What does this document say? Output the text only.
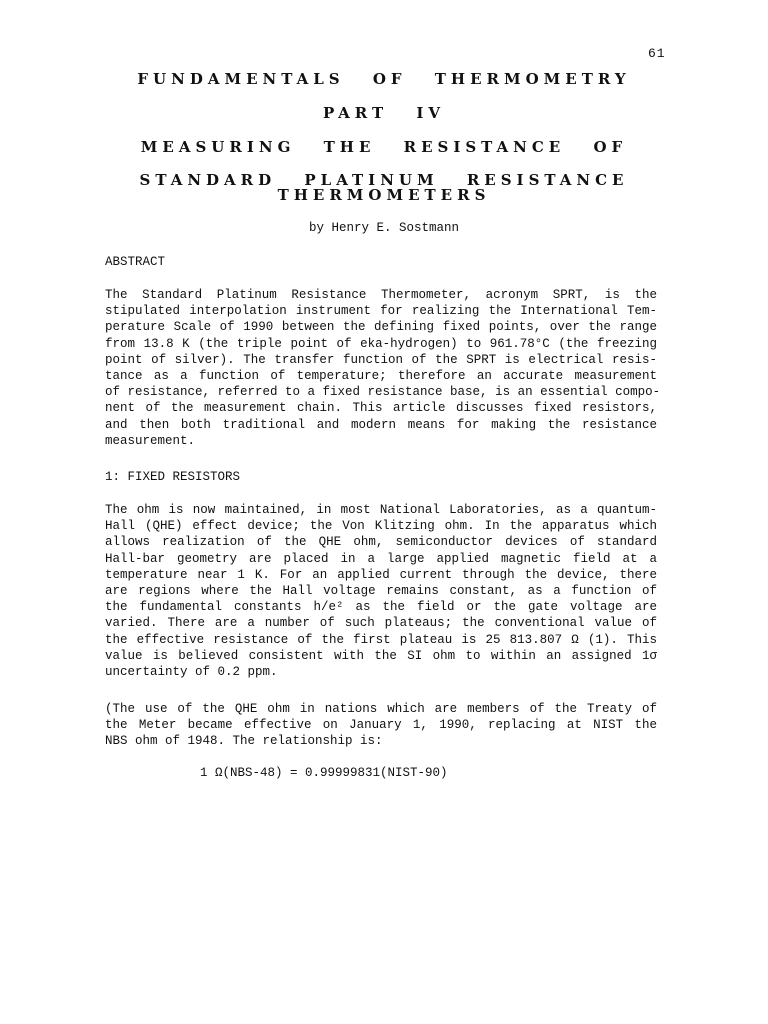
61
FUNDAMENTALS OF THERMOMETRY
PART IV
MEASURING THE RESISTANCE OF
STANDARD PLATINUM RESISTANCE
THERMOMETERS
by Henry E. Sostmann
ABSTRACT
The Standard Platinum Resistance Thermometer, acronym SPRT, is the
stipulated interpolation instrument for realizing the International Tem-
perature Scale of 1990 between the defining fixed points, over the range
from 13.8 K (the triple point of eka-hydrogen) to 961.78°C (the freezing
point of silver). The transfer function of the SPRT is electrical resis-
tance as a function of temperature; therefore an accurate measurement
of resistance, referred to a fixed resistance base, is an essential compo-
nent of the measurement chain. This article discusses fixed resistors,
and then both traditional and modern means for making the resistance
measurement.
1: FIXED RESISTORS
The ohm is now maintained, in most National Laboratories, as a quantum-
Hall (QHE) effect device; the Von Klitzing ohm. In the apparatus which
allows realization of the QHE ohm, semiconductor devices of standard
Hall-bar geometry are placed in a large applied magnetic field at a
temperature near 1 K. For an applied current through the device, there
are regions where the Hall voltage remains constant, as a function of
the fundamental constants h/e² as the field or the gate voltage are
varied. There are a number of such plateaus; the conventional value of
the effective resistance of the first plateau is 25 813.807 Ω (1). This
value is believed consistent with the SI ohm to within an assigned 1σ
uncertainty of 0.2 ppm.
(The use of the QHE ohm in nations which are members of the Treaty of
the Meter became effective on January 1, 1990, replacing at NIST the
NBS ohm of 1948. The relationship is:
1 Ω(NBS-48) = 0.99999831(NIST-90)
